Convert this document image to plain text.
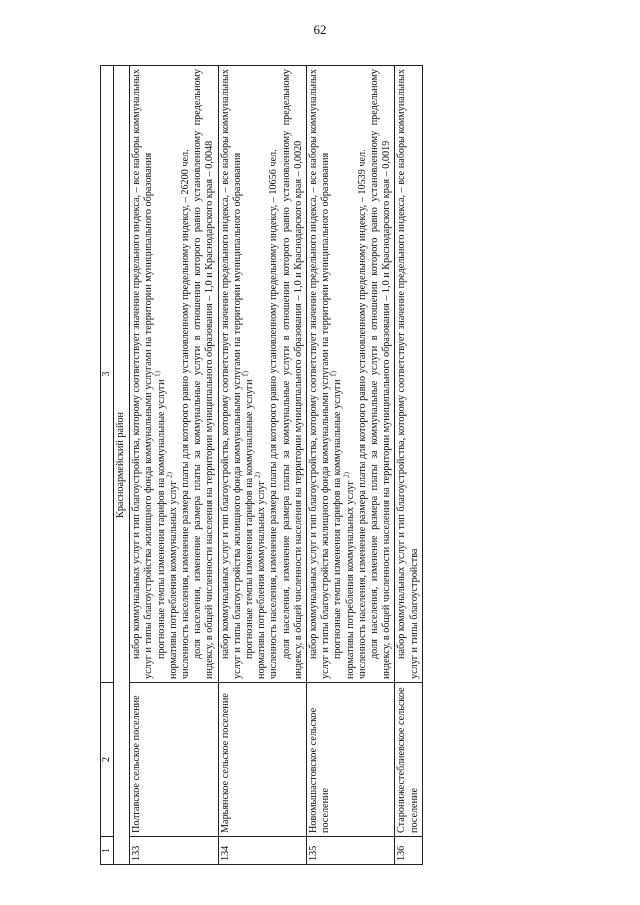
62
1	2	3
Красноармейский район		
133	Полтавское сельское поселение	набор коммунальных услуг и тип благоустройства, которому соответствует значение предельного индекса, – все наборы коммунальных услуг и типы благоустройства жилищного фонда коммунальными услугами на территории муниципального образования прогнозные темпы изменения тарифов на коммунальные услуги $^{1)}$
нормативы потребления коммунальных услуг $^{2)}$ численность населения, изменение размера платы для которого равно установленному предельному индексу, – 26200 чел. доля населения, изменение размера платы за коммунальные услуги в отношении которого равно установленному предельному индексу, в общей численности населения на территории муниципального образования – 1,0 и Краснодарского края – 0,0048

134	Марьянское сельское поселение	набор коммунальных услуг и тип благоустройства, которому соответствует значение предельного индекса, – все наборы коммунальных услуг и типы благоустройства жилищного фонда коммунальными услугами на территории муниципального образования прогнозные темпы изменения тарифов на коммунальные услуги $^{1)}$
нормативы потребления коммунальных услуг $^{2)}$ численность населения, изменение размера платы для которого равно установленному предельному индексу, – 10656 чел. доля населения, изменение размера платы за коммунальные услуги в отношении которого равно установленному предельному индексу, в общей численности населения на территории муниципального образования – 1,0 и Краснодарского края – 0,0020

135	Новомышастовское сельское поселение	набор коммунальных услуг и тип благоустройства, которому соответствует значение предельного индекса, – все наборы коммунальных услуг и типы благоустройства жилищного фонда коммунальными услугами на территории муниципального образования прогнозные темпы изменения тарифов на коммунальные услуги $^{1)}$
нормативы потребления коммунальных услуг $^{2)}$ численность населения, изменение размера платы для которого равно установленному предельному индексу, – 10539 чел. доля населения, изменение размера платы за коммунальные услуги в отношении которого равно установленному предельному индексу, в общей численности населения на территории муниципального образования – 1,0 и Краснодарского края – 0,0019

136	Старонижестеблиевское сельское поселение	набор коммунальных услуг и тип благоустройства, которому соответствует значение предельного индекса, – все наборы коммунальных услуг и типы благоустройства
